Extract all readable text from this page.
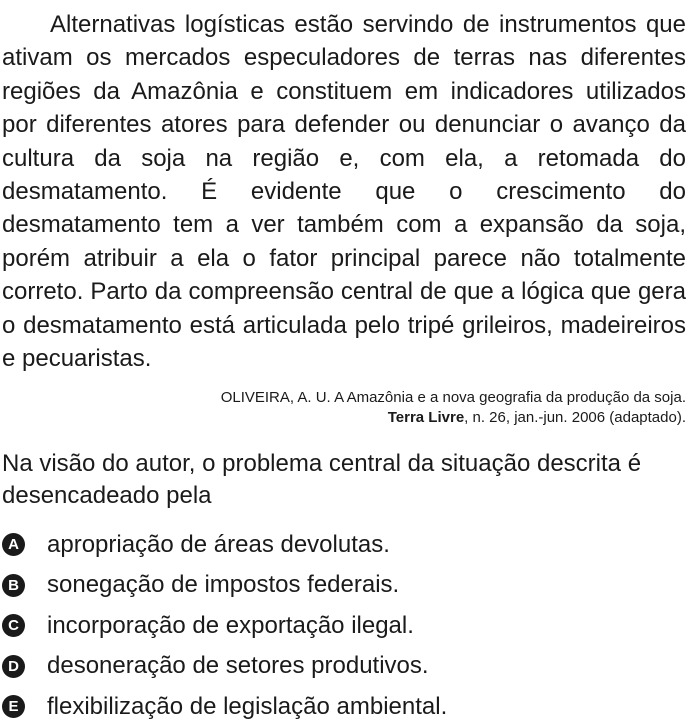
Alternativas logísticas estão servindo de instrumentos que ativam os mercados especuladores de terras nas diferentes regiões da Amazônia e constituem em indicadores utilizados por diferentes atores para defender ou denunciar o avanço da cultura da soja na região e, com ela, a retomada do desmatamento. É evidente que o crescimento do desmatamento tem a ver também com a expansão da soja, porém atribuir a ela o fator principal parece não totalmente correto. Parto da compreensão central de que a lógica que gera o desmatamento está articulada pelo tripé grileiros, madeireiros e pecuaristas.

OLIVEIRA, A. U. A Amazônia e a nova geografia da produção da soja.
Terra Livre, n. 26, jan.-jun. 2006 (adaptado).
Na visão do autor, o problema central da situação descrita é desencadeado pela
A apropriação de áreas devolutas.
B sonegação de impostos federais.
C incorporação de exportação ilegal.
D desoneração de setores produtivos.
E flexibilização de legislação ambiental.
